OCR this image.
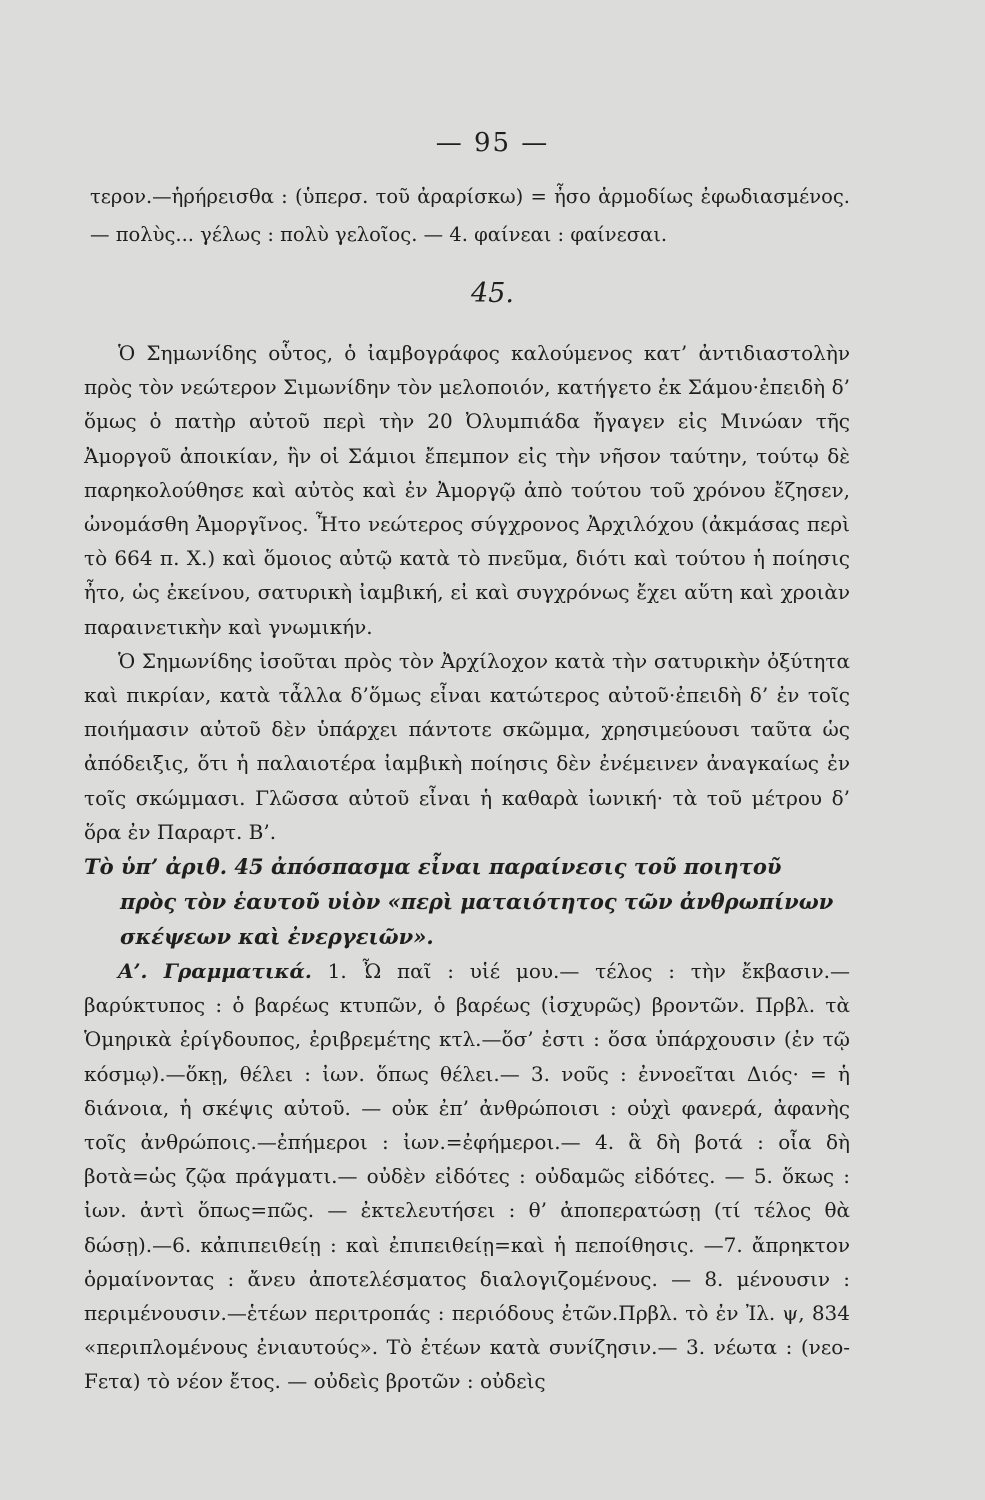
— 95 —
τερον.—ἡρήρεισθα : (ὑπερσ. τοῦ ἀραρίσκω) = ἦσο ἁρμοδίως ἐφωδιασμένος.— πολὺς... γέλως : πολὺ γελοῖος. — 4. φαίνεαι : φαίνεσαι.
45.

Ὁ Σημωνίδης οὗτος, ὁ ἰαμβογράφος καλούμενος κατ’ ἀντιδιαστολὴν πρὸς τὸν νεώτερον Σιμωνίδην τὸν μελοποιόν, κατήγετο ἐκ Σάμου·ἐπειδὴ δ’ ὅμως ὁ πατὴρ αὐτοῦ περὶ τὴν 20 Ὀλυμπιάδα ἤγαγεν εἰς Μινώαν τῆς Ἀμοργοῦ ἀποικίαν, ἣν οἱ Σάμιοι ἔπεμπον εἰς τὴν νῆσον ταύτην, τούτῳ δὲ παρηκολούθησε καὶ αὐτὸς καὶ ἐν Ἀμοργῷ ἀπὸ τούτου τοῦ χρόνου ἔζησεν, ὠνομάσθη Ἀμοργῖνος. Ἦτο νεώτερος σύγχρονος Ἀρχιλόχου (ἀκμάσας περὶ τὸ 664 π. Χ.) καὶ ὅμοιος αὐτῷ κατὰ τὸ πνεῦμα, διότι καὶ τούτου ἡ ποίησις ἦτο, ὡς ἐκείνου, σατυρικὴ ἰαμβική, εἰ καὶ συγχρόνως ἔχει αὕτη καὶ χροιὰν παραινετικὴν καὶ γνωμικήν.

Ὁ Σημωνίδης ἰσοῦται πρὸς τὸν Ἀρχίλοχον κατὰ τὴν σατυρικὴν ὀξύτητα καὶ πικρίαν, κατὰ τἆλλα δ’ὅμως εἶναι κατώτερος αὐτοῦ·ἐπειδὴ δ’ ἐν τοῖς ποιήμασιν αὐτοῦ δὲν ὑπάρχει πάντοτε σκῶμμα, χρησιμεύουσι ταῦτα ὡς ἀπόδειξις, ὅτι ἡ παλαιοτέρα ἰαμβικὴ ποίησις δὲν ἐνέμεινεν ἀναγκαίως ἐν τοῖς σκώμμασι. Γλῶσσα αὐτοῦ εἶναι ἡ καθαρὰ ἰωνική· τὰ τοῦ μέτρου δ’ ὅρα ἐν Παραρτ. Β’.

Τὸ ὑπ’ ἀριθ. 45 ἀπόσπασμα εἶναι παραίνεσις τοῦ ποιητοῦ
πρὸς τὸν ἑαυτοῦ υἱὸν «περὶ ματαιότητος τῶν ἀνθρωπίνων
σκέψεων καὶ ἐνεργειῶν».

Α’. Γραμματικά. 1. Ὦ παῖ : υἱέ μου.— τέλος : τὴν ἔκβασιν.—βαρύκτυπος : ὁ βαρέως κτυπῶν, ὁ βαρέως (ἰσχυρῶς) βροντῶν. Πρβλ. τὰ Ὁμηρικὰ ἐρίγδουπος, ἐριβρεμέτης κτλ.—ὅσ’ ἐστι : ὅσα ὑπάρχουσιν (ἐν τῷ κόσμῳ).—ὅκῃ, θέλει : ἰων. ὅπως θέλει.— 3. νοῦς : ἐννοεῖται Διός· = ἡ διάνοια, ἡ σκέψις αὐτοῦ. — οὐκ ἐπ’ ἀνθρώποισι : οὐχὶ φανερά, ἀφανὴς τοῖς ἀνθρώποις.—ἐπήμεροι : ἰων.=ἐφήμεροι.— 4. ἃ δὴ βοτά : οἷα δὴ βοτὰ=ὡς ζῷα πράγματι.— οὐδὲν εἰδότες : οὐδαμῶς εἰδότες. — 5. ὅκως : ἰων. ἀντὶ ὅπως=πῶς. — ἐκτελευτήσει : θ’ ἀποπερατώσῃ (τί τέλος θὰ δώσῃ).—6. κἀπιπειθείῃ : καὶ ἐπιπειθείῃ=καὶ ἡ πεποίθησις. —7. ἄπρηκτον ὁρμαίνοντας : ἄνευ ἀποτελέσματος διαλογιζομένους. — 8. μένουσιν : περιμένουσιν.—ἑτέων περιτροπάς : περιόδους ἐτῶν.Πρβλ. τὸ ἐν Ἰλ. ψ, 834 «περιπλομένους ἐνιαυτούς». Τὸ ἐτέων κατὰ συνίζησιν.— 3. νέωτα : (νεο-Fετα) τὸ νέον ἔτος. — οὐδεὶς βροτῶν : οὐδεὶς
